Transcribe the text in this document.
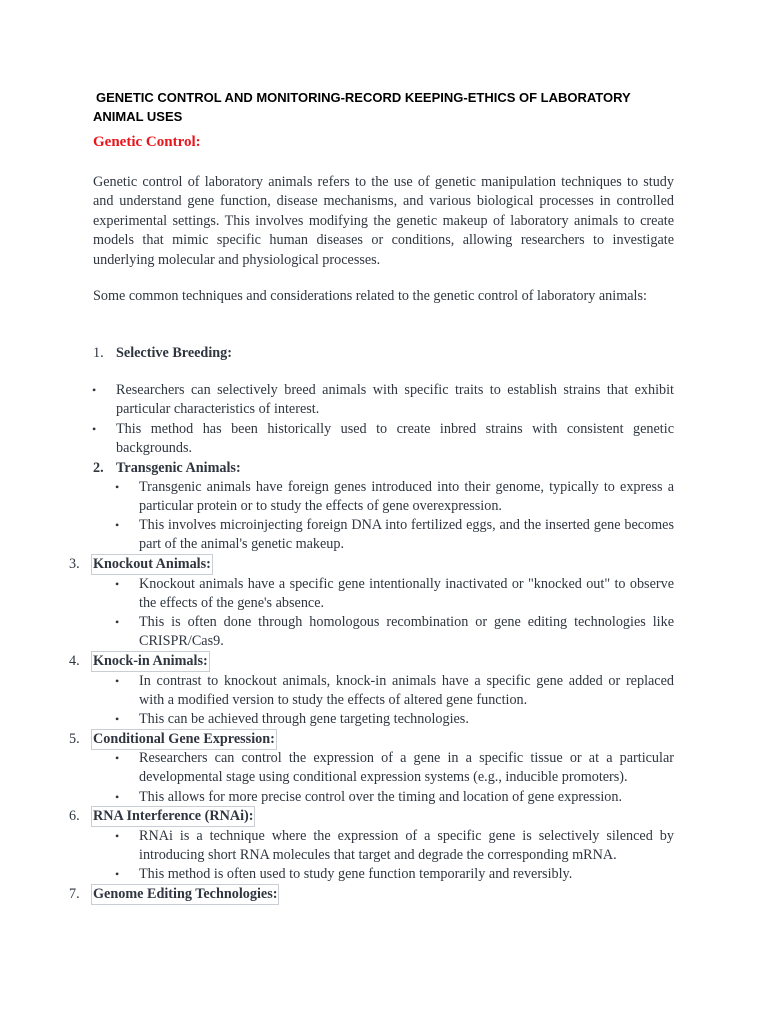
GENETIC CONTROL AND MONITORING-RECORD KEEPING-ETHICS OF LABORATORY ANIMAL USES
Genetic Control:
Genetic control of laboratory animals refers to the use of genetic manipulation techniques to study and understand gene function, disease mechanisms, and various biological processes in controlled experimental settings. This involves modifying the genetic makeup of laboratory animals to create models that mimic specific human diseases or conditions, allowing researchers to investigate underlying molecular and physiological processes.
Some common techniques and considerations related to the genetic control of laboratory animals:
1. Selective Breeding:
• Researchers can selectively breed animals with specific traits to establish strains that exhibit particular characteristics of interest.
• This method has been historically used to create inbred strains with consistent genetic backgrounds.
2. Transgenic Animals:
• Transgenic animals have foreign genes introduced into their genome, typically to express a particular protein or to study the effects of gene overexpression.
• This involves microinjecting foreign DNA into fertilized eggs, and the inserted gene becomes part of the animal's genetic makeup.
3. Knockout Animals:
• Knockout animals have a specific gene intentionally inactivated or "knocked out" to observe the effects of the gene's absence.
• This is often done through homologous recombination or gene editing technologies like CRISPR/Cas9.
4. Knock-in Animals:
• In contrast to knockout animals, knock-in animals have a specific gene added or replaced with a modified version to study the effects of altered gene function.
• This can be achieved through gene targeting technologies.
5. Conditional Gene Expression:
• Researchers can control the expression of a gene in a specific tissue or at a particular developmental stage using conditional expression systems (e.g., inducible promoters).
• This allows for more precise control over the timing and location of gene expression.
6. RNA Interference (RNAi):
• RNAi is a technique where the expression of a specific gene is selectively silenced by introducing short RNA molecules that target and degrade the corresponding mRNA.
• This method is often used to study gene function temporarily and reversibly.
7. Genome Editing Technologies:
